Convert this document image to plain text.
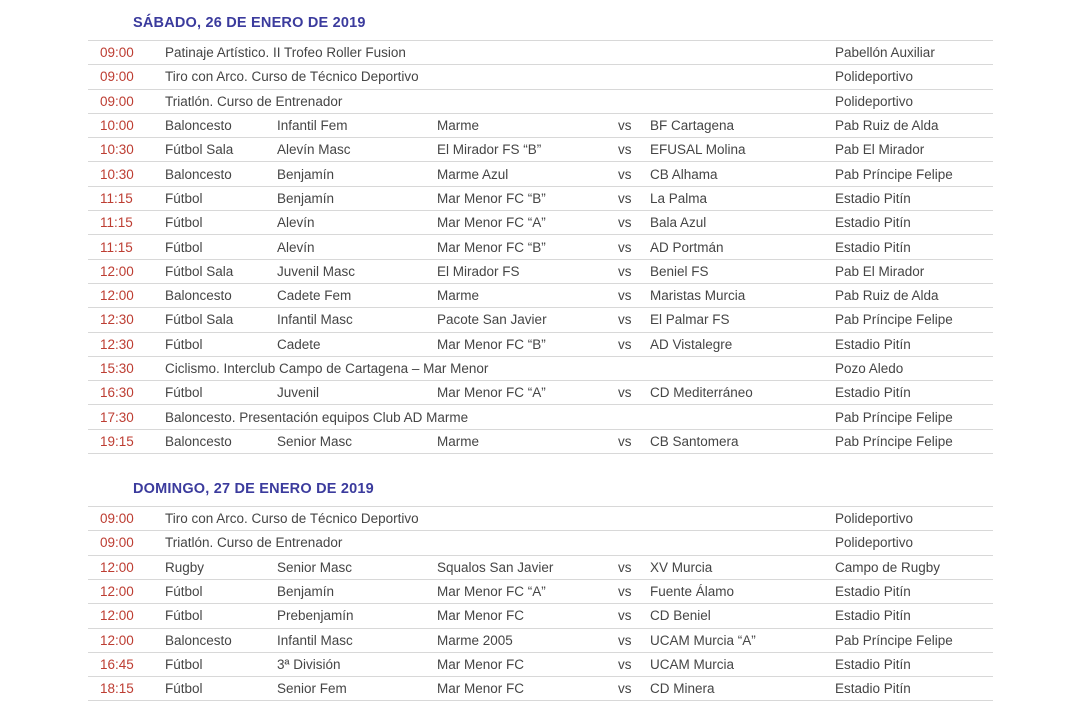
SÁBADO, 26 DE ENERO DE 2019
09:00	Patinaje Artístico. II Trofeo Roller Fusion	Pabellón Auxiliar
09:00	Tiro con Arco. Curso de Técnico Deportivo	Polideportivo
09:00	Triatlón. Curso de Entrenador	Polideportivo
10:00	Baloncesto	Infantil Fem	Marme	vs	BF Cartagena	Pab Ruiz de Alda
10:30	Fútbol Sala	Alevín Masc	El Mirador FS “B”	vs	EFUSAL Molina	Pab El Mirador
10:30	Baloncesto	Benjamín	Marme Azul	vs	CB Alhama	Pab Príncipe Felipe
11:15	Fútbol	Benjamín	Mar Menor FC “B”	vs	La Palma	Estadio Pitín
11:15	Fútbol	Alevín	Mar Menor FC “A”	vs	Bala Azul	Estadio Pitín
11:15	Fútbol	Alevín	Mar Menor FC “B”	vs	AD Portmán	Estadio Pitín
12:00	Fútbol Sala	Juvenil Masc	El Mirador FS	vs	Beniel FS	Pab El Mirador
12:00	Baloncesto	Cadete Fem	Marme	vs	Maristas Murcia	Pab Ruiz de Alda
12:30	Fútbol Sala	Infantil Masc	Pacote San Javier	vs	El Palmar FS	Pab Príncipe Felipe
12:30	Fútbol	Cadete	Mar Menor FC “B”	vs	AD Vistalegre	Estadio Pitín
15:30	Ciclismo. Interclub Campo de Cartagena – Mar Menor	Pozo Aledo
16:30	Fútbol	Juvenil	Mar Menor FC “A”	vs	CD Mediterráneo	Estadio Pitín
17:30	Baloncesto. Presentación equipos Club AD Marme	Pab Príncipe Felipe
19:15	Baloncesto	Senior Masc	Marme	vs	CB Santomera	Pab Príncipe Felipe
DOMINGO, 27 DE ENERO DE 2019
09:00	Tiro con Arco. Curso de Técnico Deportivo	Polideportivo
09:00	Triatlón. Curso de Entrenador	Polideportivo
12:00	Rugby	Senior Masc	Squalos San Javier	vs	XV Murcia	Campo de Rugby
12:00	Fútbol	Benjamín	Mar Menor FC “A”	vs	Fuente Álamo	Estadio Pitín
12:00	Fútbol	Prebenjamín	Mar Menor FC	vs	CD Beniel	Estadio Pitín
12:00	Baloncesto	Infantil Masc	Marme 2005	vs	UCAM Murcia “A”	Pab Príncipe Felipe
16:45	Fútbol	3ª División	Mar Menor FC	vs	UCAM Murcia	Estadio Pitín
18:15	Fútbol	Senior Fem	Mar Menor FC	vs	CD Minera	Estadio Pitín
